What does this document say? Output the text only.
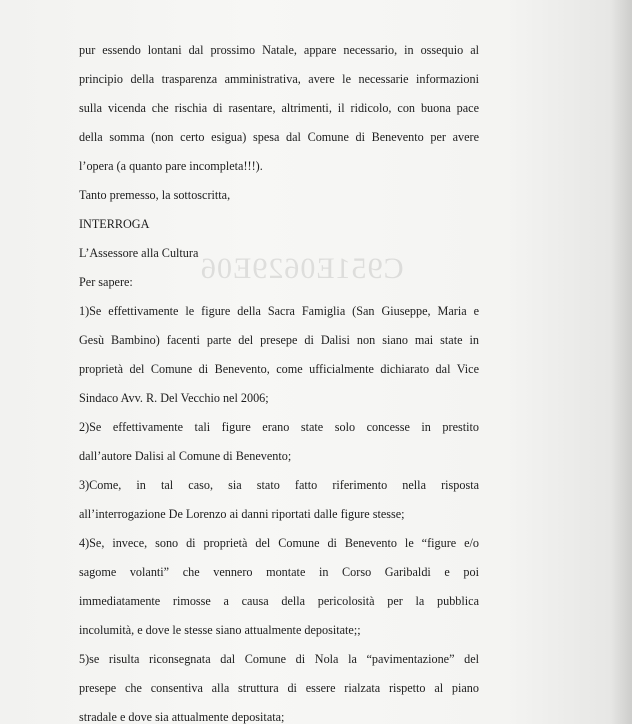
C951E0629E06

pur essendo lontani dal prossimo Natale, appare necessario, in ossequio al

principio della trasparenza amministrativa, avere le necessarie informazioni

sulla vicenda che rischia di rasentare, altrimenti, il ridicolo, con buona pace

della somma (non certo esigua) spesa dal Comune di Benevento per avere

l’opera (a quanto pare incompleta!!!).

Tanto premesso, la sottoscritta,

INTERROGA

L’Assessore alla Cultura

Per sapere:

1)Se effettivamente le figure della Sacra Famiglia (San Giuseppe, Maria e

Gesù Bambino) facenti parte del presepe di Dalisi non siano mai state in

proprietà del Comune di Benevento, come ufficialmente dichiarato dal Vice

Sindaco Avv. R. Del Vecchio nel 2006;

2)Se effettivamente tali figure erano state solo concesse in prestito

dall’autore Dalisi al Comune di Benevento;

3)Come, in tal caso, sia stato fatto riferimento nella risposta

all’interrogazione De Lorenzo ai danni riportati dalle figure stesse;

4)Se, invece, sono di proprietà del Comune di Benevento le “figure e/o

sagome volanti” che vennero montate in Corso Garibaldi e poi

immediatamente rimosse a causa della pericolosità per la pubblica

incolumità, e dove le stesse siano attualmente depositate;;

5)se risulta riconsegnata dal Comune di Nola la “pavimentazione” del

presepe che consentiva alla struttura di essere rialzata rispetto al piano

stradale e dove sia attualmente depositata;
